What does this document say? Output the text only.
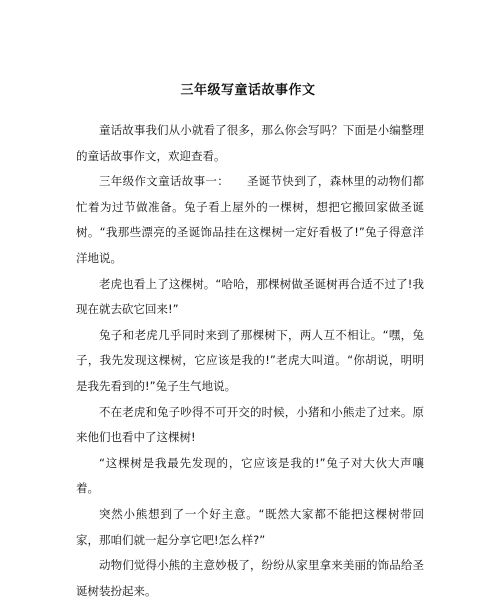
三年级写童话故事作文

童话故事我们从小就看了很多，那么你会写吗？下面是小编整理的童话故事作文，欢迎查看。

三年级作文童话故事一：　　圣诞节快到了，森林里的动物们都忙着为过节做准备。兔子看上屋外的一棵树，想把它搬回家做圣诞树。“我那些漂亮的圣诞饰品挂在这棵树一定好看极了!”兔子得意洋洋地说。

老虎也看上了这棵树。“哈哈，那棵树做圣诞树再合适不过了!我现在就去砍它回来!”

兔子和老虎几乎同时来到了那棵树下，两人互不相让。“嘿，兔子，我先发现这棵树，它应该是我的!”老虎大叫道。“你胡说，明明是我先看到的!”兔子生气地说。

不在老虎和兔子吵得不可开交的时候，小猪和小熊走了过来。原来他们也看中了这棵树!

“这棵树是我最先发现的，它应该是我的!”兔子对大伙大声嚷着。

突然小熊想到了一个好主意。“既然大家都不能把这棵树带回家，那咱们就一起分享它吧!怎么样?”

动物们觉得小熊的主意妙极了，纷纷从家里拿来美丽的饰品给圣诞树装扮起来。
